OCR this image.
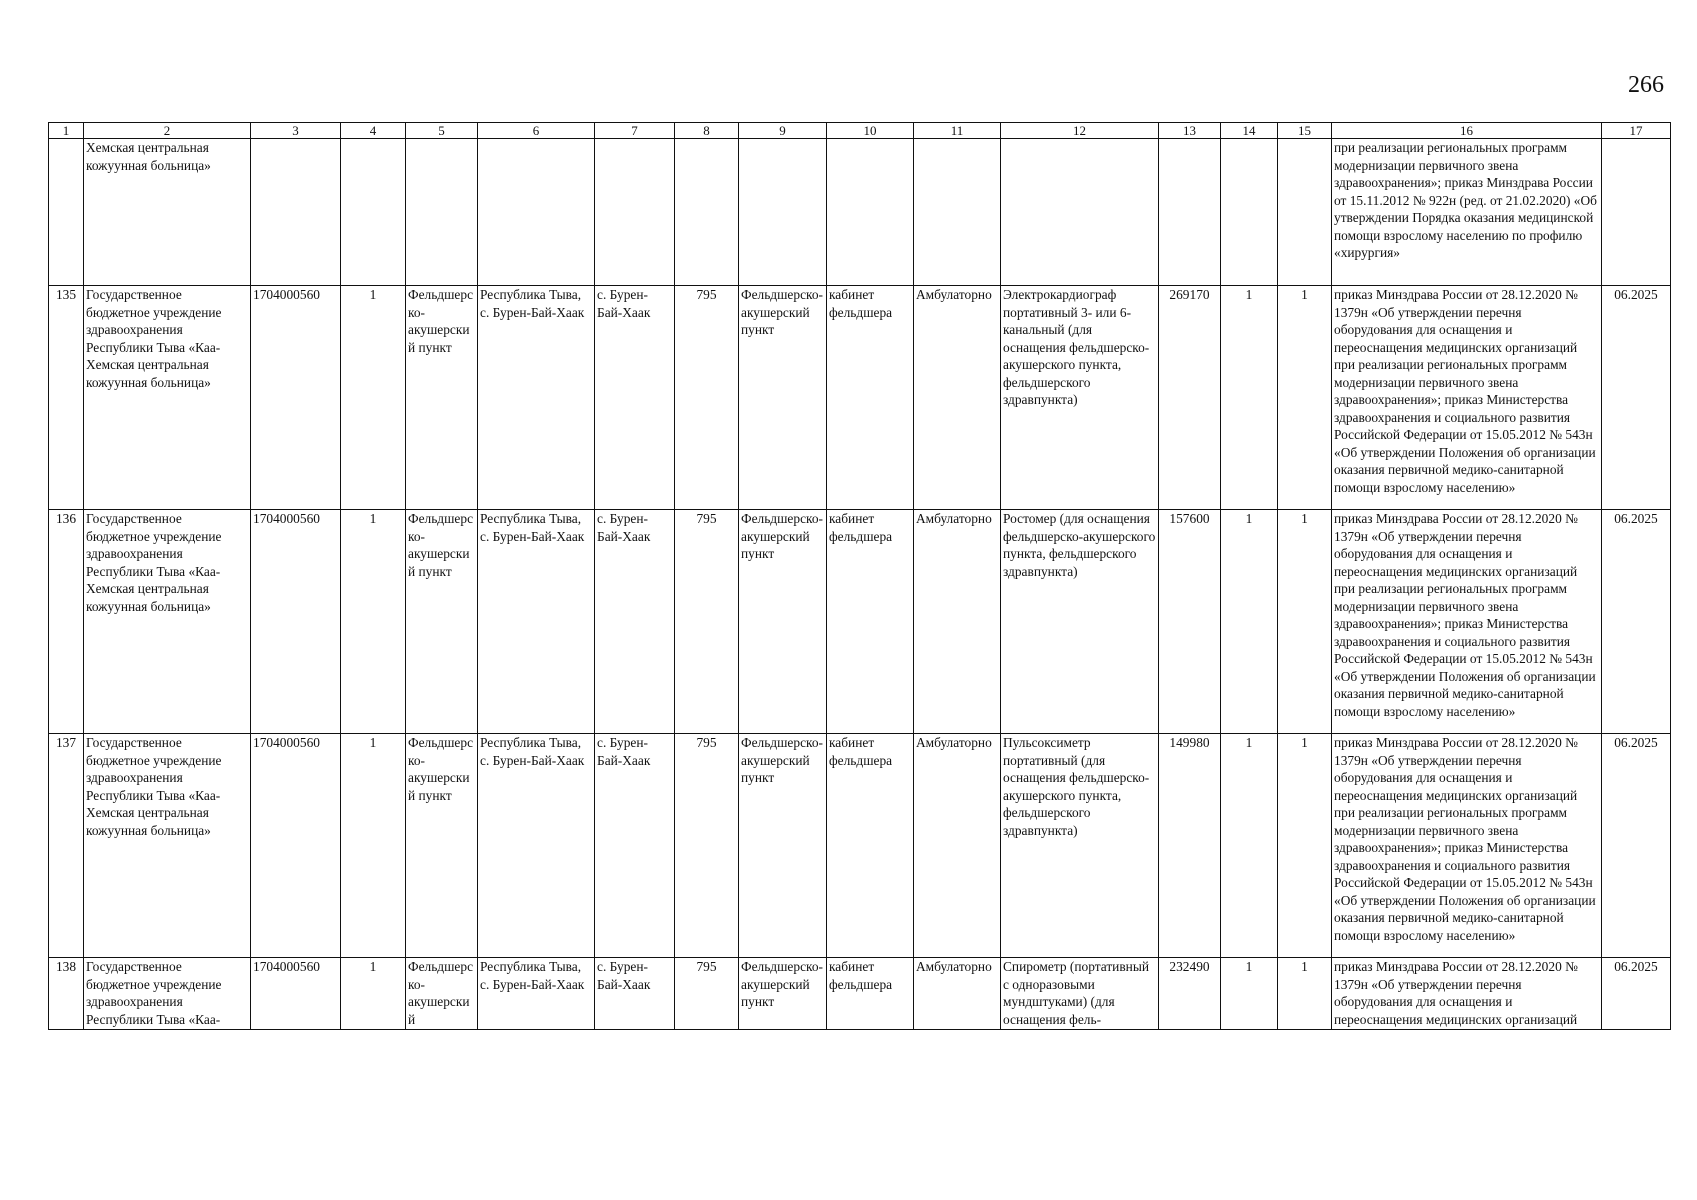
266
1	2	3	4	5	6	7	8	9	10	11	12	13	14	15	16	17
	Хемская центральная кожуунная больница»														при реализации региональных программ модернизации первичного звена здравоохранения»; приказ Минздрава России от 15.11.2012 № 922н (ред. от 21.02.2020) «Об утверждении Порядка оказания медицинской помощи взрослому населению по профилю «хирургия»	
135	Государственное бюджетное учреждение здравоохранения Республики Тыва «Каа-Хемская центральная кожуунная больница»	1704000560	1	Фельдшерско-акушерский пункт	Республика Тыва, с. Бурен-Бай-Хаак	с. Бурен-Бай-Хаак	795	Фельдшерско-акушерский пункт	кабинет фельдшера	Амбулаторно	Электрокардиограф портативный 3- или 6-канальный (для оснащения фельдшерско-акушерского пункта, фельдшерского здравпункта)	269170	1	1	приказ Минздрава России от 28.12.2020 № 1379н «Об утверждении перечня оборудования для оснащения и переоснащения медицинских организаций при реализации региональных программ модернизации первичного звена здравоохранения»; приказ Министерства здравоохранения и социального развития Российской Федерации от 15.05.2012 № 543н «Об утверждении Положения об организации оказания первичной медико-санитарной помощи взрослому населению»	06.2025
136	Государственное бюджетное учреждение здравоохранения Республики Тыва «Каа-Хемская центральная кожуунная больница»	1704000560	1	Фельдшерско-акушерский пункт	Республика Тыва, с. Бурен-Бай-Хаак	с. Бурен-Бай-Хаак	795	Фельдшерско-акушерский пункт	кабинет фельдшера	Амбулаторно	Ростомер (для оснащения фельдшерско-акушерского пункта, фельдшерского здравпункта)	157600	1	1	приказ Минздрава России от 28.12.2020 № 1379н «Об утверждении перечня оборудования для оснащения и переоснащения медицинских организаций при реализации региональных программ модернизации первичного звена здравоохранения»; приказ Министерства здравоохранения и социального развития Российской Федерации от 15.05.2012 № 543н «Об утверждении Положения об организации оказания первичной медико-санитарной помощи взрослому населению»	06.2025
137	Государственное бюджетное учреждение здравоохранения Республики Тыва «Каа-Хемская центральная кожуунная больница»	1704000560	1	Фельдшерско-акушерский пункт	Республика Тыва, с. Бурен-Бай-Хаак	с. Бурен-Бай-Хаак	795	Фельдшерско-акушерский пункт	кабинет фельдшера	Амбулаторно	Пульсоксиметр портативный (для оснащения фельдшерско-акушерского пункта, фельдшерского здравпункта)	149980	1	1	приказ Минздрава России от 28.12.2020 № 1379н «Об утверждении перечня оборудования для оснащения и переоснащения медицинских организаций при реализации региональных программ модернизации первичного звена здравоохранения»; приказ Министерства здравоохранения и социального развития Российской Федерации от 15.05.2012 № 543н «Об утверждении Положения об организации оказания первичной медико-санитарной помощи взрослому населению»	06.2025
138	Государственное бюджетное учреждение здравоохранения Республики Тыва «Каа-	1704000560	1	Фельдшерско-акушерский	Республика Тыва, с. Бурен-Бай-Хаак	с. Бурен-Бай-Хаак	795	Фельдшерско-акушерский пункт	кабинет фельдшера	Амбулаторно	Спирометр (портативный с одноразовыми мундштуками) (для оснащения фель-	232490	1	1	приказ Минздрава России от 28.12.2020 № 1379н «Об утверждении перечня оборудования для оснащения и переоснащения медицинских организаций	06.2025
